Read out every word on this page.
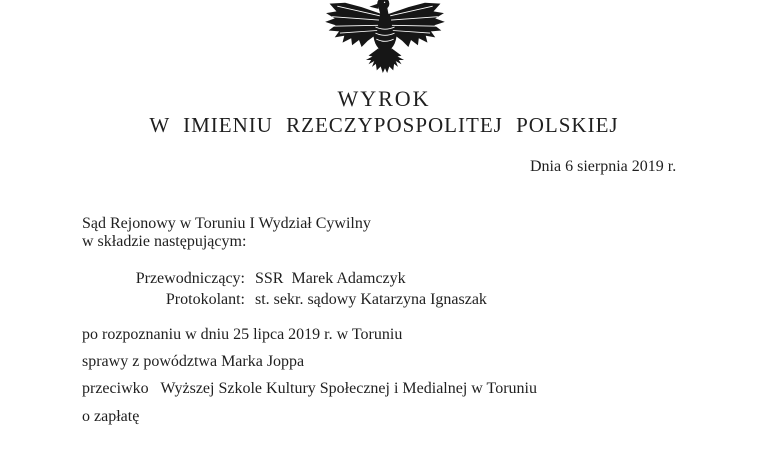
WYROK
W IMIENIU RZECZYPOSPOLITEJ POLSKIEJ
Dnia 6 sierpnia 2019 r.
Sąd Rejonowy w Toruniu I Wydział Cywilny
w składzie następującym:
Przewodniczący: SSR  Marek Adamczyk
Protokolant: st. sekr. sądowy Katarzyna Ignaszak
po rozpoznaniu w dniu 25 lipca 2019 r. w Toruniu
sprawy z powództwa Marka Joppa
przeciwko   Wyższej Szkole Kultury Społecznej i Medialnej w Toruniu
o zapłatę
